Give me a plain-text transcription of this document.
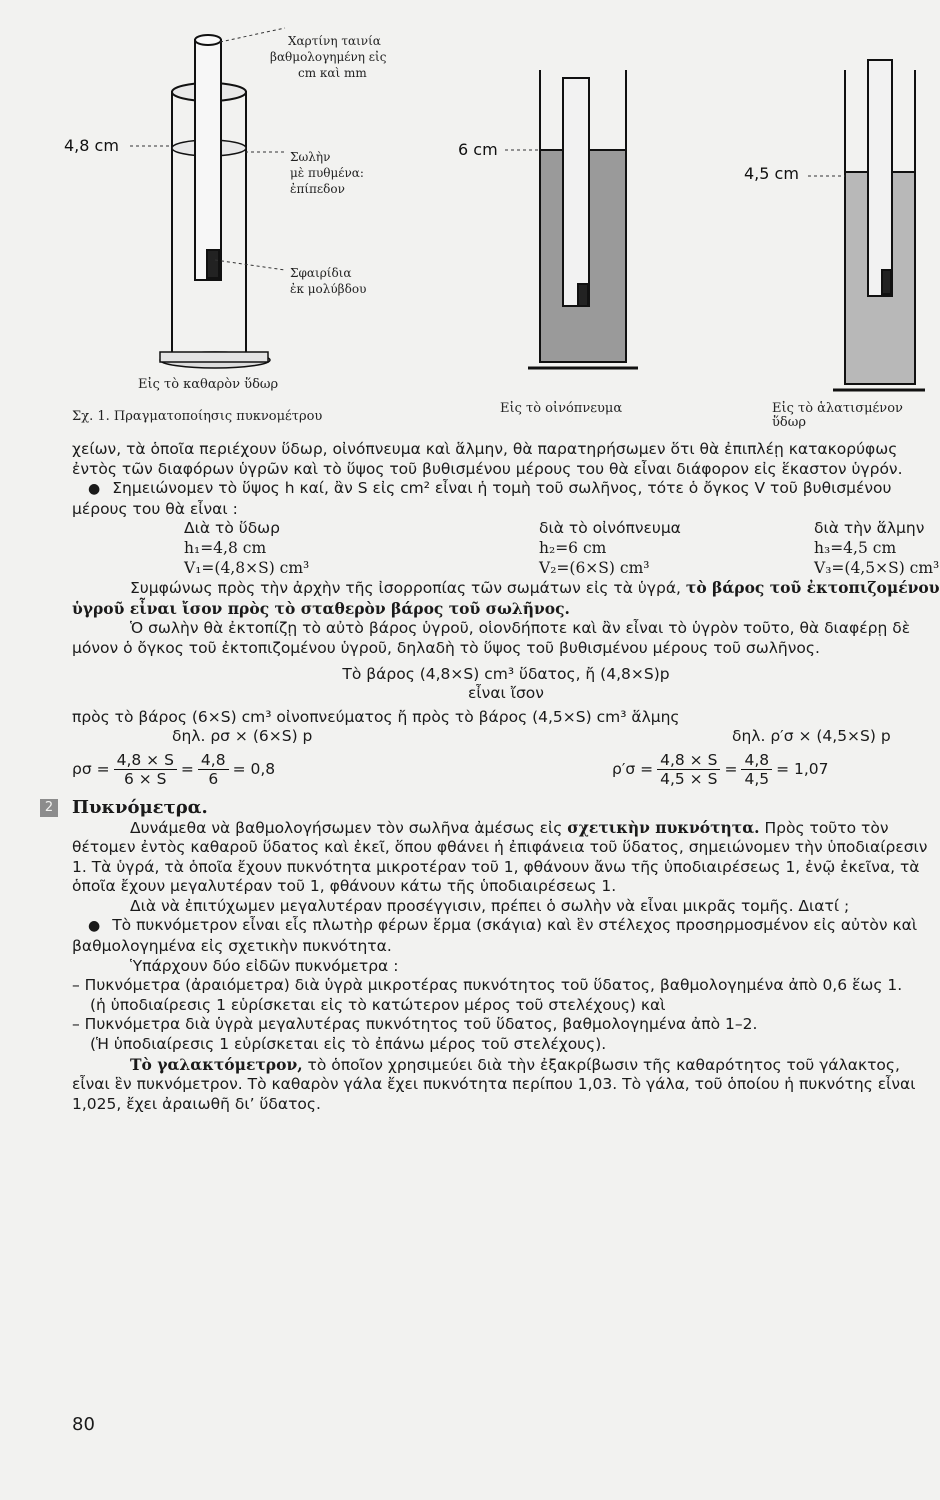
Χαρτίνη ταινία
βαθμολογημένη εἰς
cm καὶ mm
Σωλὴν
μὲ πυθμένα:
ἐπίπεδον
Σφαιρίδια
ἐκ μολύβδου
4,8 cm	6 cm
4,5 cm
Εἰς τὸ καθαρὸν ὕδωρ
Εἰς τὸ οἰνόπνευμα	Εἰς τὸ ἁλατισμένον ὕδωρ
Σχ. 1. Πραγματοποίησις πυκνομέτρου

χείων, τὰ ὁποῖα περιέχουν ὕδωρ, οἰνόπνευμα καὶ ἅλμην, θὰ παρατηρήσωμεν ὅτι θὰ ἐπιπλέῃ κατακορύφως ἐντὸς τῶν διαφόρων ὑγρῶν καὶ τὸ ὕψος τοῦ βυθισμένου μέρους του θὰ εἶναι διάφορον εἰς ἕκαστον ὑγρόν.

● Σημειώνομεν τὸ ὕψος h καί, ἂν S εἰς cm² εἶναι ἡ τομὴ τοῦ σωλῆνος, τότε ὁ ὄγκος V τοῦ βυθισμένου μέρους του θὰ εἶναι :

Διὰ τὸ ὕδωρ	διὰ τὸ οἰνόπνευμα	διὰ τὴν ἅλμην
h₁=4,8 cm	h₂=6 cm	h₃=4,5 cm
V₁=(4,8×S) cm³	V₂=(6×S) cm³	V₃=(4,5×S) cm³

Συμφώνως πρὸς τὴν ἀρχὴν τῆς ἰσορροπίας τῶν σωμάτων εἰς τὰ ὑγρά, τὸ βάρος τοῦ ἐκτοπιζομένου ὑγροῦ εἶναι ἴσον πρὸς τὸ σταθερὸν βάρος τοῦ σωλῆνος.

Ὁ σωλὴν θὰ ἐκτοπίζῃ τὸ αὐτὸ βάρος ὑγροῦ, οἱονδήποτε καὶ ἂν εἶναι τὸ ὑγρὸν τοῦτο, θὰ διαφέρῃ δὲ μόνον ὁ ὄγκος τοῦ ἐκτοπιζομένου ὑγροῦ, δηλαδὴ τὸ ὕψος τοῦ βυθισμένου μέρους τοῦ σωλῆνος.

Τὸ βάρος (4,8×S) cm³ ὕδατος, ἤ (4,8×S)p

εἶναι ἴσον

πρὸς τὸ βάρος (6×S) cm³ οἰνοπνεύματος ἤ πρὸς τὸ βάρος (4,5×S) cm³ ἅλμης

δηλ. ρσ × (6×S) p	δηλ. ρ′σ × (4,5×S) p
$\rho\sigma = \frac{4,8 \times S}{6 \times S} = \frac{4,8}{6} = 0,8$	$\rho'\sigma = \frac{4,8 \times S}{4,5 \times S} = \frac{4,8}{4,5} = 1,07$
2 Πυκνόμετρα.

Δυνάμεθα νὰ βαθμολογήσωμεν τὸν σωλῆνα ἀμέσως εἰς σχετικὴν πυκνότητα. Πρὸς τοῦτο τὸν θέτομεν ἐντὸς καθαροῦ ὕδατος καὶ ἐκεῖ, ὅπου φθάνει ἡ ἐπιφάνεια τοῦ ὕδατος, σημειώνομεν τὴν ὑποδιαίρεσιν 1. Τὰ ὑγρά, τὰ ὁποῖα ἔχουν πυκνότητα μικροτέραν τοῦ 1, φθάνουν ἄνω τῆς ὑποδιαιρέσεως 1, ἐνῷ ἐκεῖνα, τὰ ὁποῖα ἔχουν μεγαλυτέραν τοῦ 1, φθάνουν κάτω τῆς ὑποδιαιρέσεως 1.

Διὰ νὰ ἐπιτύχωμεν μεγαλυτέραν προσέγγισιν, πρέπει ὁ σωλὴν νὰ εἶναι μικρᾶς τομῆς. Διατί ;

● Τὸ πυκνόμετρον εἶναι εἷς πλωτὴρ φέρων ἕρμα (σκάγια) καὶ ἓν στέλεχος προσηρμοσμένον εἰς αὐτὸν καὶ βαθμολογημένα εἰς σχετικὴν πυκνότητα.

Ὑπάρχουν δύο εἰδῶν πυκνόμετρα :

– Πυκνόμετρα (ἀραιόμετρα) διὰ ὑγρὰ μικροτέρας πυκνότητος τοῦ ὕδατος, βαθμολογημένα ἀπὸ 0,6 ἕως 1.

(ἡ ὑποδιαίρεσις 1 εὑρίσκεται εἰς τὸ κατώτερον μέρος τοῦ στελέχους) καὶ

– Πυκνόμετρα διὰ ὑγρὰ μεγαλυτέρας πυκνότητος τοῦ ὕδατος, βαθμολογημένα ἀπὸ 1–2.

(Ἡ ὑποδιαίρεσις 1 εὑρίσκεται εἰς τὸ ἐπάνω μέρος τοῦ στελέχους).

Τὸ γαλακτόμετρον, τὸ ὁποῖον χρησιμεύει διὰ τὴν ἐξακρίβωσιν τῆς καθαρότητος τοῦ γάλακτος, εἶναι ἓν πυκνόμετρον. Τὸ καθαρὸν γάλα ἔχει πυκνότητα περίπου 1,03. Τὸ γάλα, τοῦ ὁποίου ἡ πυκνότης εἶναι 1,025, ἔχει ἀραιωθῆ δι’ ὕδατος.

80
